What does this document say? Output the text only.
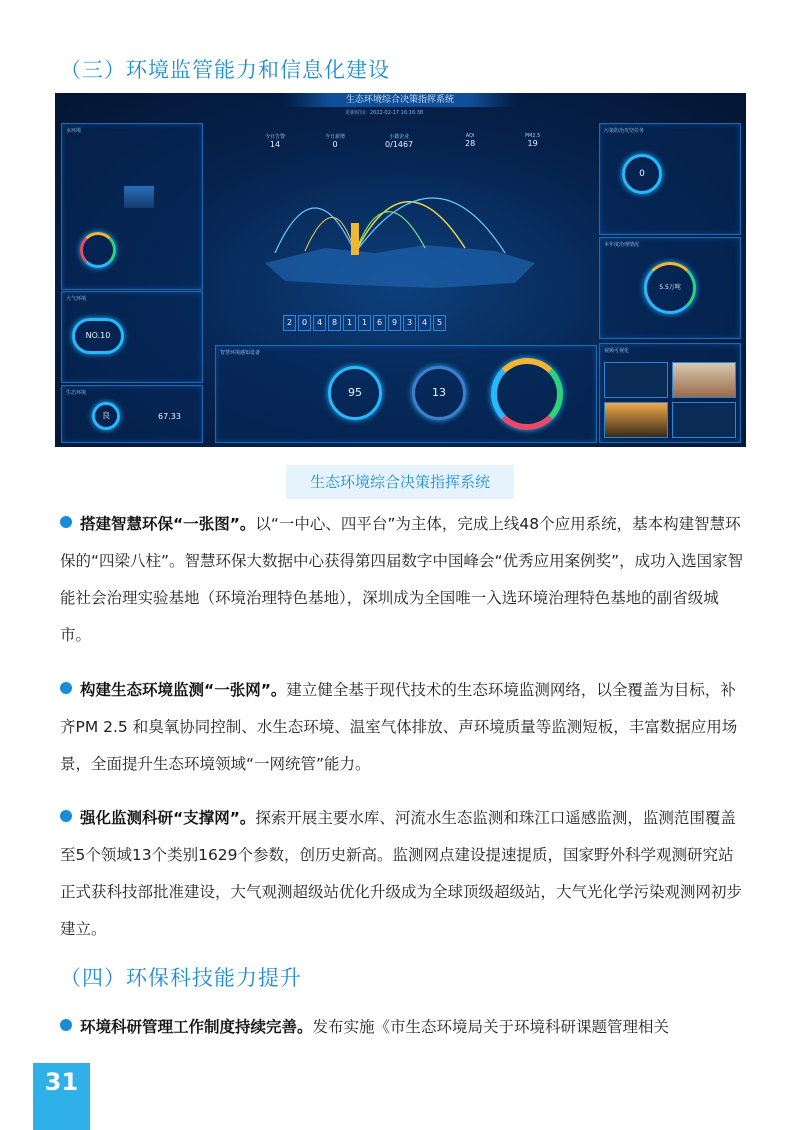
（三）环境监管能力和信息化建设
生态环境综合决策指挥系统
更新时间：2022-02-17 16:16:38
水环境
大气环境
NO.10
生态环境
良	67.33
今日告警
14
今日新增
0
小微企业
0/1467
AQI
28
PM2.5
19
污染防治攻坚任务
0
本年度治理情况
5.5万吨
视频可视化
智慧环境感知设备
95	13
2	0	4	8	1	1	6	9	3	4	5
生态环境综合决策指挥系统

搭建智慧环保“一张图”。以“一中心、四平台”为主体，完成上线48个应用系统，基本构建智慧环保的“四梁八柱”。智慧环保大数据中心获得第四届数字中国峰会“优秀应用案例奖”，成功入选国家智能社会治理实验基地（环境治理特色基地），深圳成为全国唯一入选环境治理特色基地的副省级城市。

构建生态环境监测“一张网”。建立健全基于现代技术的生态环境监测网络，以全覆盖为目标，补齐PM 2.5 和臭氧协同控制、水生态环境、温室气体排放、声环境质量等监测短板，丰富数据应用场景，全面提升生态环境领域“一网统管”能力。

强化监测科研“支撑网”。探索开展主要水库、河流水生态监测和珠江口遥感监测，监测范围覆盖至5个领域13个类别1629个参数，创历史新高。监测网点建设提速提质，国家野外科学观测研究站正式获科技部批准建设，大气观测超级站优化升级成为全球顶级超级站，大气光化学污染观测网初步建立。

（四）环保科技能力提升

环境科研管理工作制度持续完善。发布实施《市生态环境局关于环境科研课题管理相关

31
